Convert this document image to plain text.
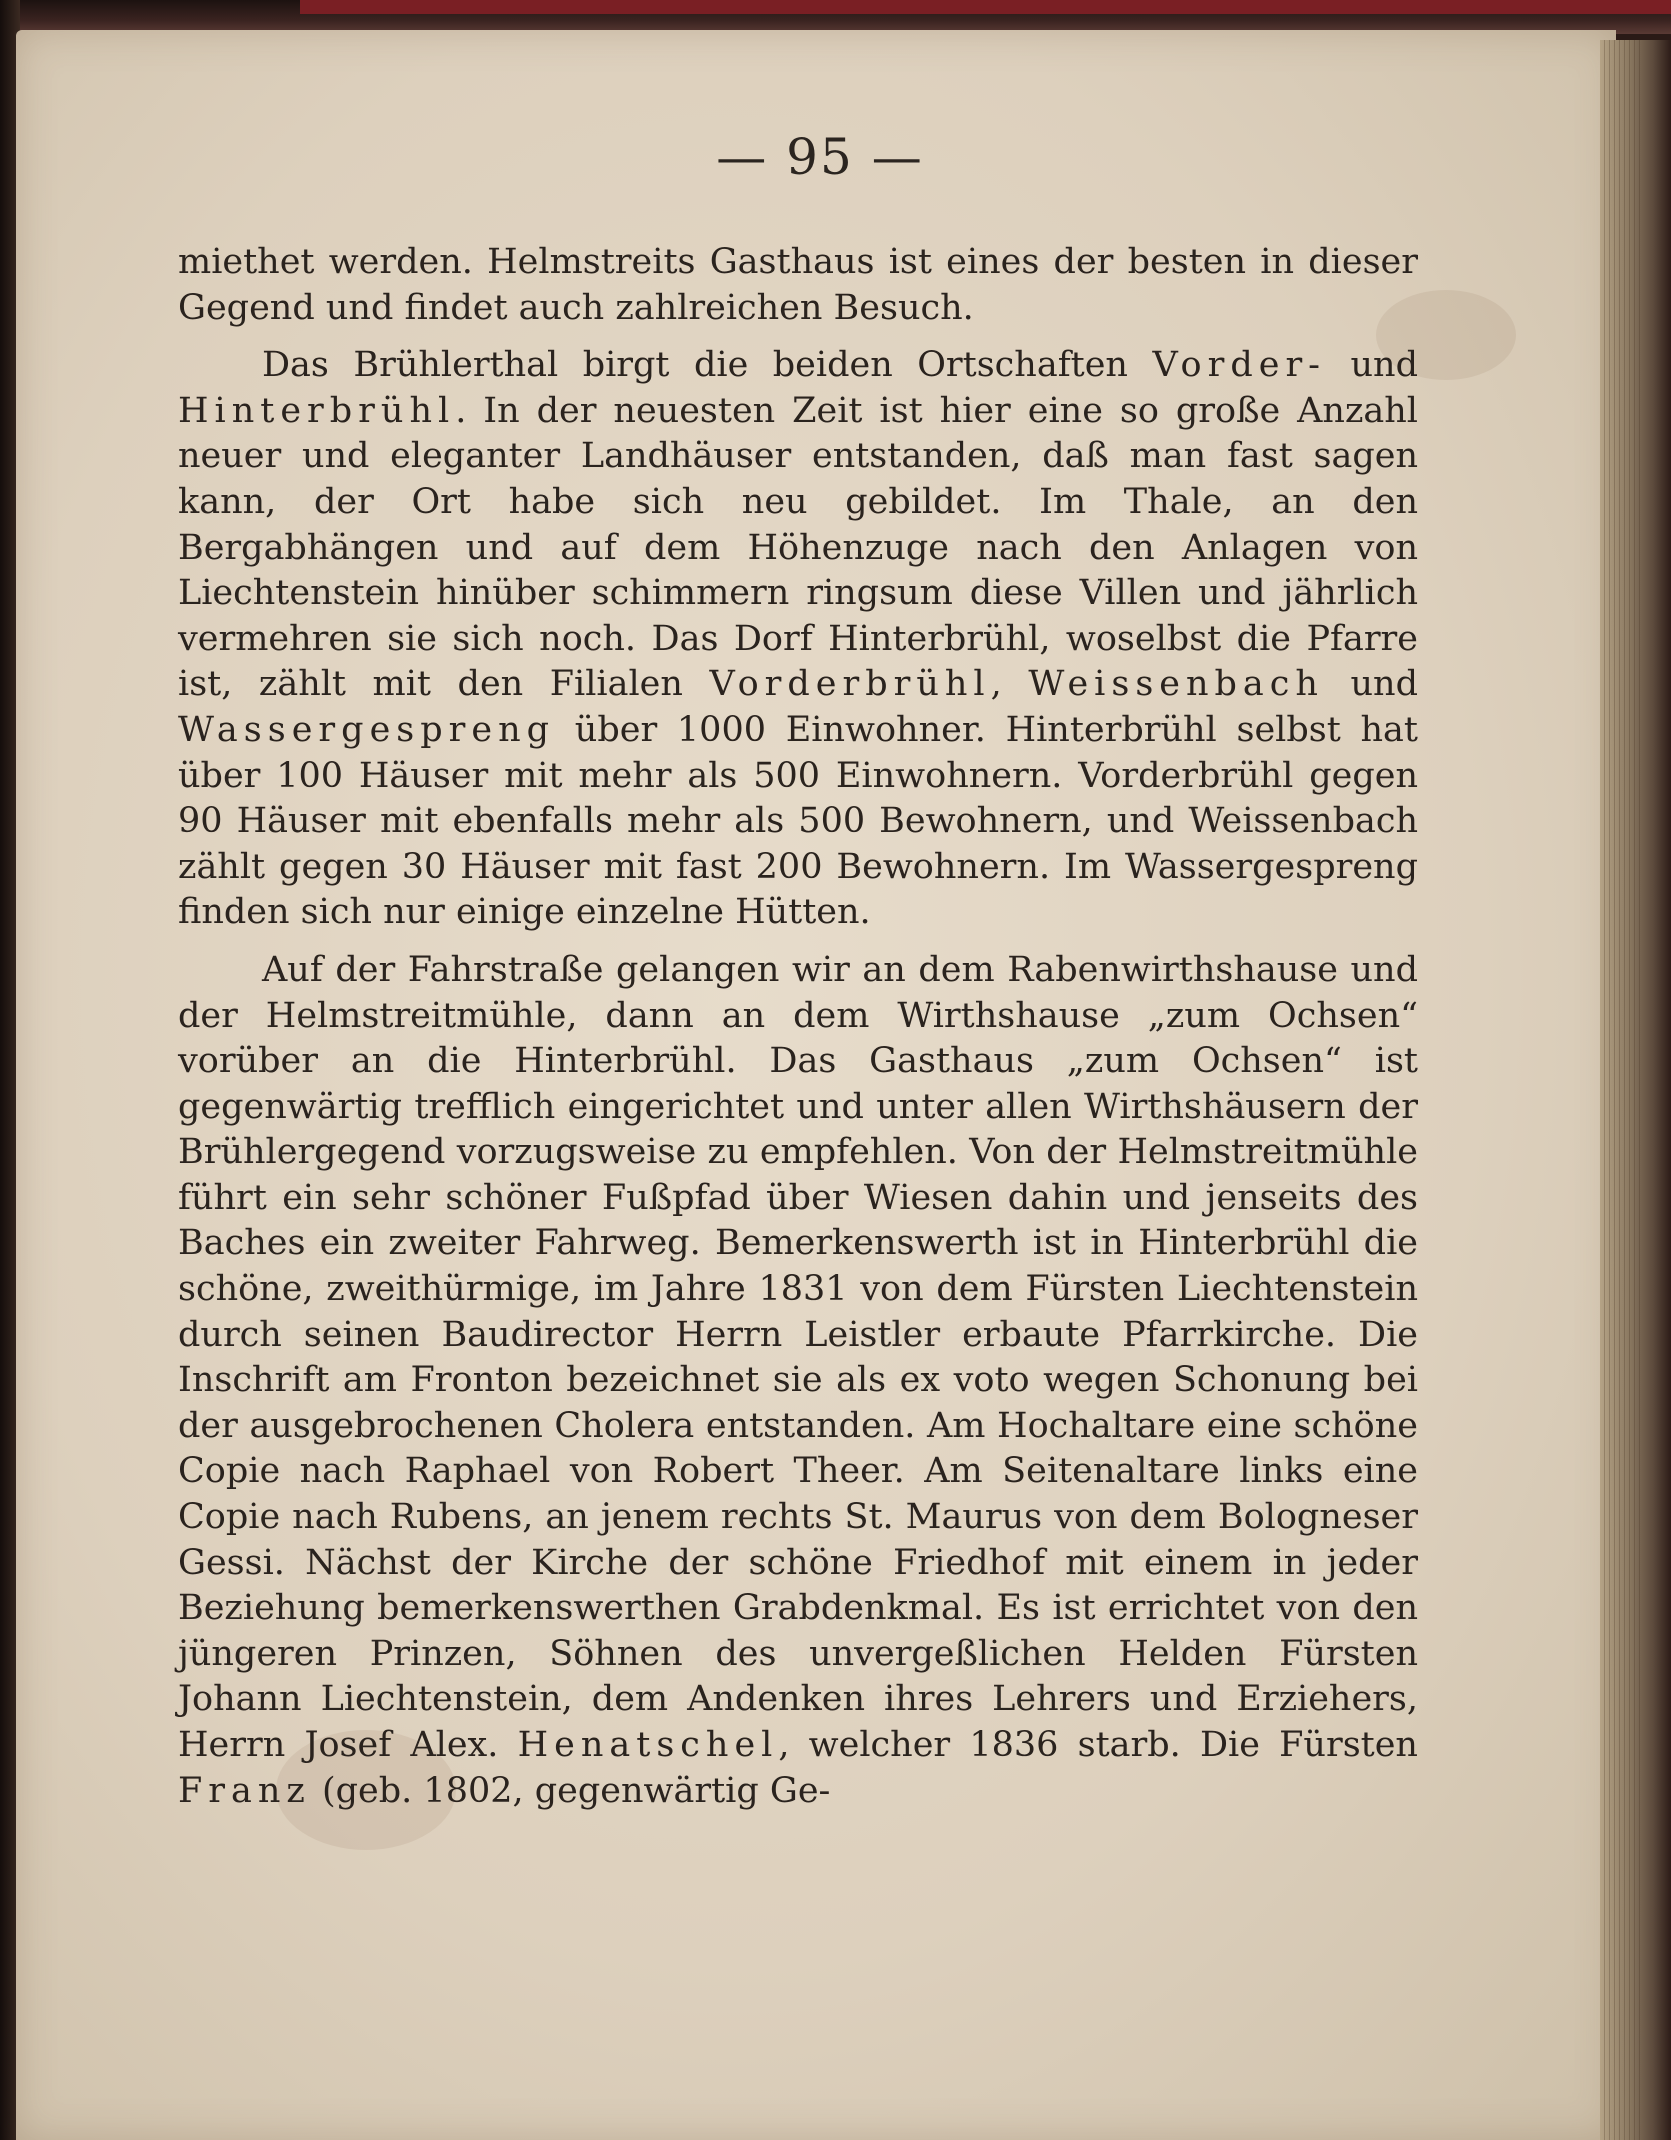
— 95 —

miethet werden. Helmstreits Gasthaus ist eines der besten in dieser Gegend und findet auch zahlreichen Besuch.

Das Brühlerthal birgt die beiden Ortschaften Vorder- und Hinterbrühl. In der neuesten Zeit ist hier eine so große Anzahl neuer und eleganter Landhäuser entstanden, daß man fast sagen kann, der Ort habe sich neu gebildet. Im Thale, an den Bergabhängen und auf dem Höhenzuge nach den Anlagen von Liechtenstein hinüber schimmern ringsum diese Villen und jährlich vermehren sie sich noch. Das Dorf Hinterbrühl, woselbst die Pfarre ist, zählt mit den Filialen Vorderbrühl, Weissenbach und Wassergespreng über 1000 Einwohner. Hinterbrühl selbst hat über 100 Häuser mit mehr als 500 Einwohnern. Vorderbrühl gegen 90 Häuser mit ebenfalls mehr als 500 Bewohnern, und Weissenbach zählt gegen 30 Häuser mit fast 200 Bewohnern. Im Wassergespreng finden sich nur einige einzelne Hütten.

Auf der Fahrstraße gelangen wir an dem Rabenwirthshause und der Helmstreitmühle, dann an dem Wirthshause „zum Ochsen“ vorüber an die Hinterbrühl. Das Gasthaus „zum Ochsen“ ist gegenwärtig trefflich eingerichtet und unter allen Wirthshäusern der Brühlergegend vorzugsweise zu empfehlen. Von der Helmstreitmühle führt ein sehr schöner Fußpfad über Wiesen dahin und jenseits des Baches ein zweiter Fahrweg. Bemerkenswerth ist in Hinterbrühl die schöne, zweithürmige, im Jahre 1831 von dem Fürsten Liechtenstein durch seinen Baudirector Herrn Leistler erbaute Pfarrkirche. Die Inschrift am Fronton bezeichnet sie als ex voto wegen Schonung bei der ausgebrochenen Cholera entstanden. Am Hochaltare eine schöne Copie nach Raphael von Robert Theer. Am Seitenaltare links eine Copie nach Rubens, an jenem rechts St. Maurus von dem Bologneser Gessi. Nächst der Kirche der schöne Friedhof mit einem in jeder Beziehung bemerkenswerthen Grabdenkmal. Es ist errichtet von den jüngeren Prinzen, Söhnen des unvergeßlichen Helden Fürsten Johann Liechtenstein, dem Andenken ihres Lehrers und Erziehers, Herrn Josef Alex. Henatschel, welcher 1836 starb. Die Fürsten Franz (geb. 1802, gegenwärtig Ge-
